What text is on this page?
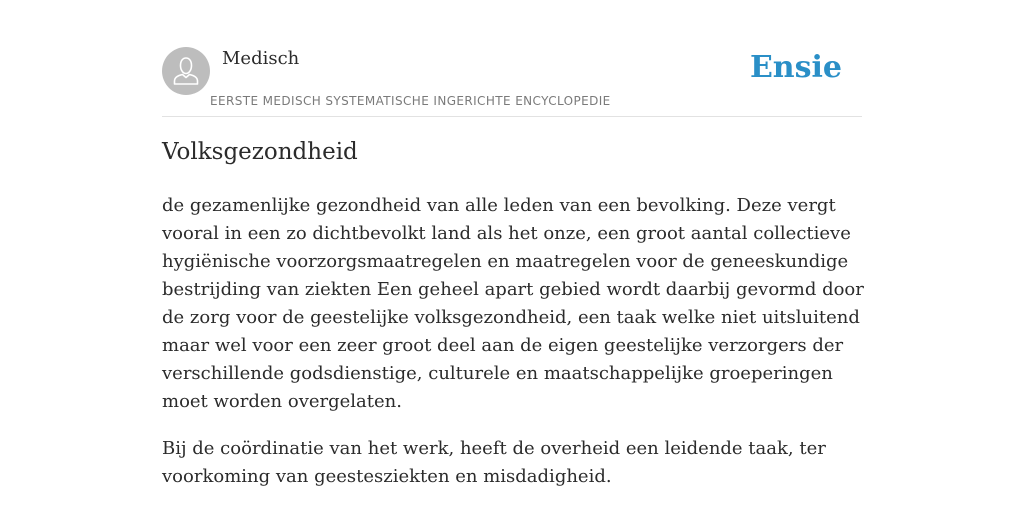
Medisch
EERSTE MEDISCH SYSTEMATISCHE INGERICHTE ENCYCLOPEDIE
Ensie
Volksgezondheid

de gezamenlijke gezondheid van alle leden van een bevolking. Deze vergt vooral in een zo dichtbevolkt land als het onze, een groot aantal collectieve hygiënische voorzorgsmaatregelen en maatregelen voor de geneeskundige bestrijding van ziekten Een geheel apart gebied wordt daarbij gevormd door de zorg voor de geestelijke volksgezondheid, een taak welke niet uitsluitend maar wel voor een zeer groot deel aan de eigen geestelijke verzorgers der verschillende godsdienstige, culturele en maatschappelijke groeperingen moet worden overgelaten.

Bij de coördinatie van het werk, heeft de overheid een leidende taak, ter voorkoming van geestesziekten en misdadigheid.
